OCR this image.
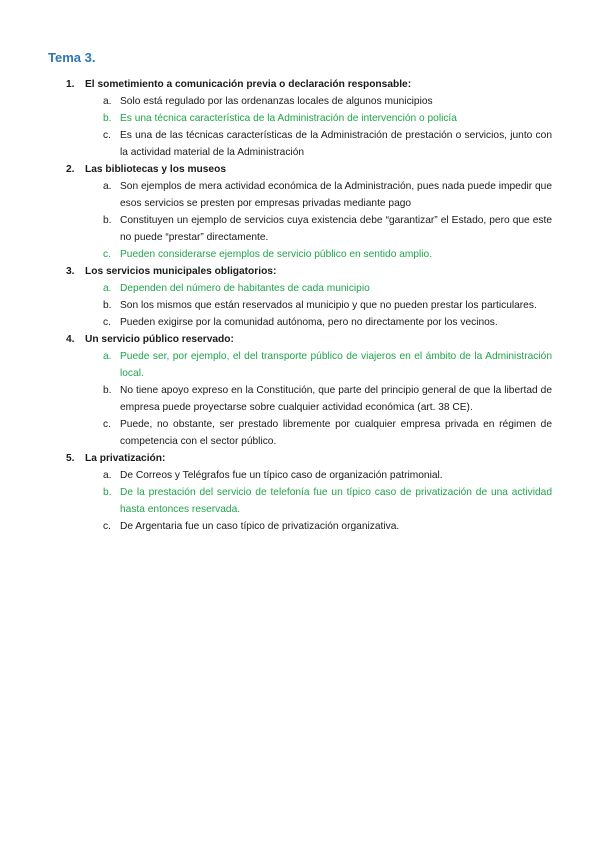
Tema 3.
1.	El sometimiento a comunicación previa o declaración responsable:
a. Solo está regulado por las ordenanzas locales de algunos municipios
b. Es una técnica característica de la Administración de intervención o policía
c. Es una de las técnicas características de la Administración de prestación o servicios, junto con la actividad material de la Administración
2.	Las bibliotecas y los museos
a. Son ejemplos de mera actividad económica de la Administración, pues nada puede impedir que esos servicios se presten por empresas privadas mediante pago
b. Constituyen un ejemplo de servicios cuya existencia debe “garantizar” el Estado, pero que este no puede “prestar” directamente.
c. Pueden considerarse ejemplos de servicio público en sentido amplio.
3.	Los servicios municipales obligatorios:
a. Dependen del número de habitantes de cada municipio
b. Son los mismos que están reservados al municipio y que no pueden prestar los particulares.
c. Pueden exigirse por la comunidad autónoma, pero no directamente por los vecinos.
4.	Un servicio público reservado:
a. Puede ser, por ejemplo, el del transporte público de viajeros en el ámbito de la Administración local.
b. No tiene apoyo expreso en la Constitución, que parte del principio general de que la libertad de empresa puede proyectarse sobre cualquier actividad económica (art. 38 CE).
c. Puede, no obstante, ser prestado libremente por cualquier empresa privada en régimen de competencia con el sector público.
5.	La privatización:
a. De Correos y Telégrafos fue un típico caso de organización patrimonial.
b. De la prestación del servicio de telefonía fue un típico caso de privatización de una actividad hasta entonces reservada.
c. De Argentaria fue un caso típico de privatización organizativa.
